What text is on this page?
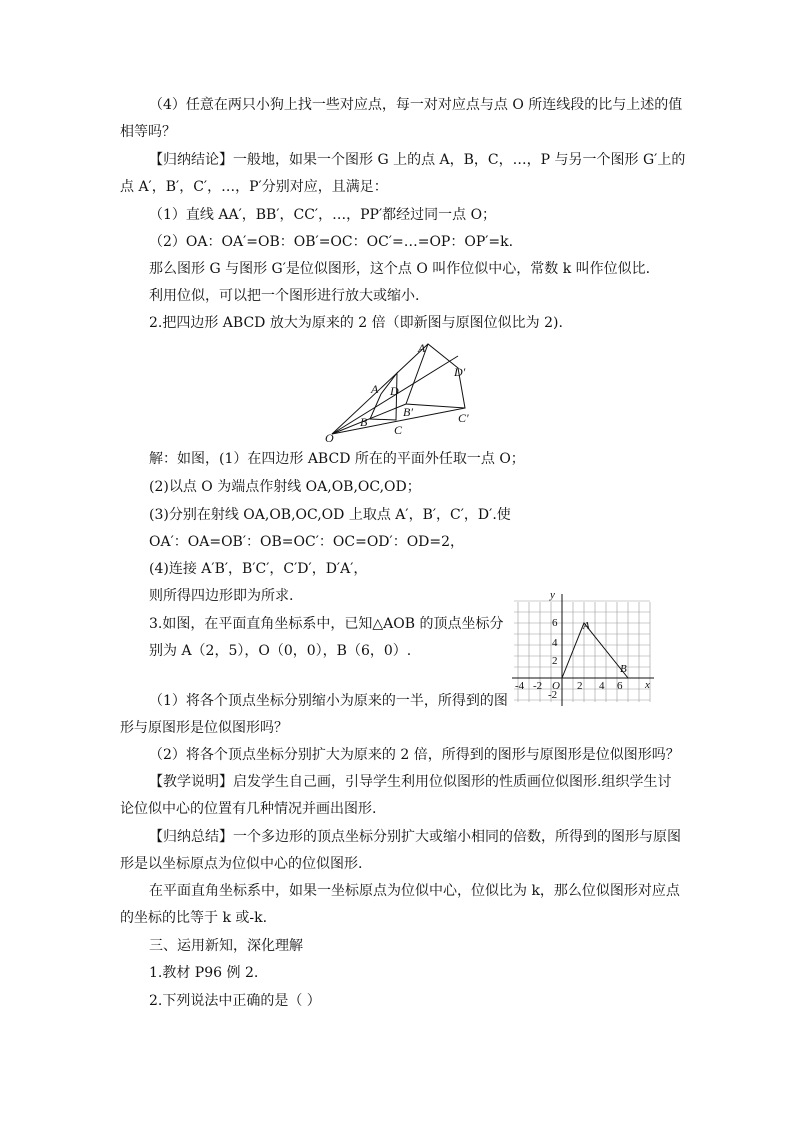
（4）任意在两只小狗上找一些对应点，每一对对应点与点 O 所连线段的比与上述的值
相等吗？
【归纳结论】一般地，如果一个图形 G 上的点 A，B，C，…，P 与另一个图形 G′上的
点 A′，B′，C′，…，P′分别对应，且满足：
（1）直线 AA′，BB′，CC′，…，PP′都经过同一点 O；
（2）OA：OA′=OB：OB′=OC：OC′=…=OP：OP′=k.
那么图形 G 与图形 G′是位似图形，这个点 O 叫作位似中心，常数 k 叫作位似比.
利用位似，可以把一个图形进行放大或缩小.
2.把四边形 ABCD 放大为原来的 2 倍（即新图与原图位似比为 2).
解：如图，(1）在四边形 ABCD 所在的平面外任取一点 O；
(2)以点 O 为端点作射线 OA,OB,OC,OD；
(3)分别在射线 OA,OB,OC,OD 上取点 A′，B′，C′，D′.使
OA′：OA=OB′：OB=OC′：OC=OD′：OD=2，
(4)连接 A′B′，B′C′，C′D′，D′A′，
则所得四边形即为所求.
3.如图，在平面直角坐标系中，已知△AOB 的顶点坐标分
别为 A（2，5），O（0，0），B（6，0）.
（1）将各个顶点坐标分别缩小为原来的一半，所得到的图
形与原图形是位似图形吗？
（2）将各个顶点坐标分别扩大为原来的 2 倍，所得到的图形与原图形是位似图形吗？
【教学说明】启发学生自己画，引导学生利用位似图形的性质画位似图形.组织学生讨
论位似中心的位置有几种情况并画出图形.
【归纳总结】一个多边形的顶点坐标分别扩大或缩小相同的倍数，所得到的图形与原图
形是以坐标原点为位似中心的位似图形.
在平面直角坐标系中，如果一坐标原点为位似中心，位似比为 k，那么位似图形对应点
的坐标的比等于 k 或-k.
三、运用新知，深化理解
1.教材 P96 例 2.
2.下列说法中正确的是（ ）
O
A
B
C
D
A′
B′	C′
D′
y
x
O
-4 -2	2 4 6
6
4
2
-2
A
B
